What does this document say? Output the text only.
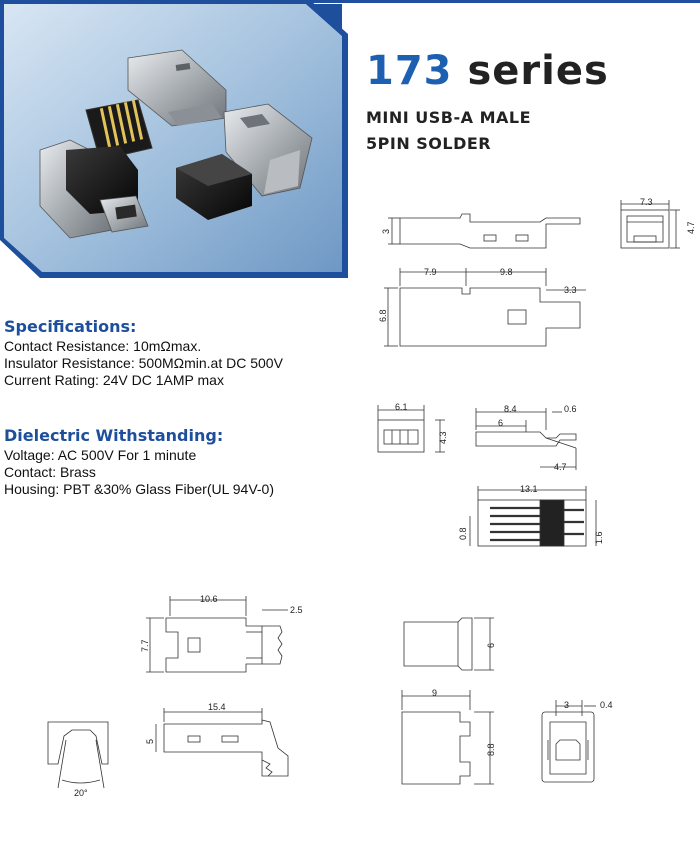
173 series
MINI USB-A MALE
5PIN SOLDER
Specifications:
Contact Resistance: 10mΩmax.
Insulator Resistance: 500MΩmin.at DC 500V
Current Rating: 24V DC 1AMP max
Dielectric Withstanding:
Voltage: AC 500V For 1 minute
Contact: Brass
Housing: PBT &30% Glass Fiber(UL 94V-0)
3
7.3
4.7
7.9	9.8
3.3
6.8
6.1
4.3
8.4	0.6
6
4.7
13.1
0.8	1.6
10.6
2.5
7.7
15.4
5
20°
6
9
8.8
3	0.4
